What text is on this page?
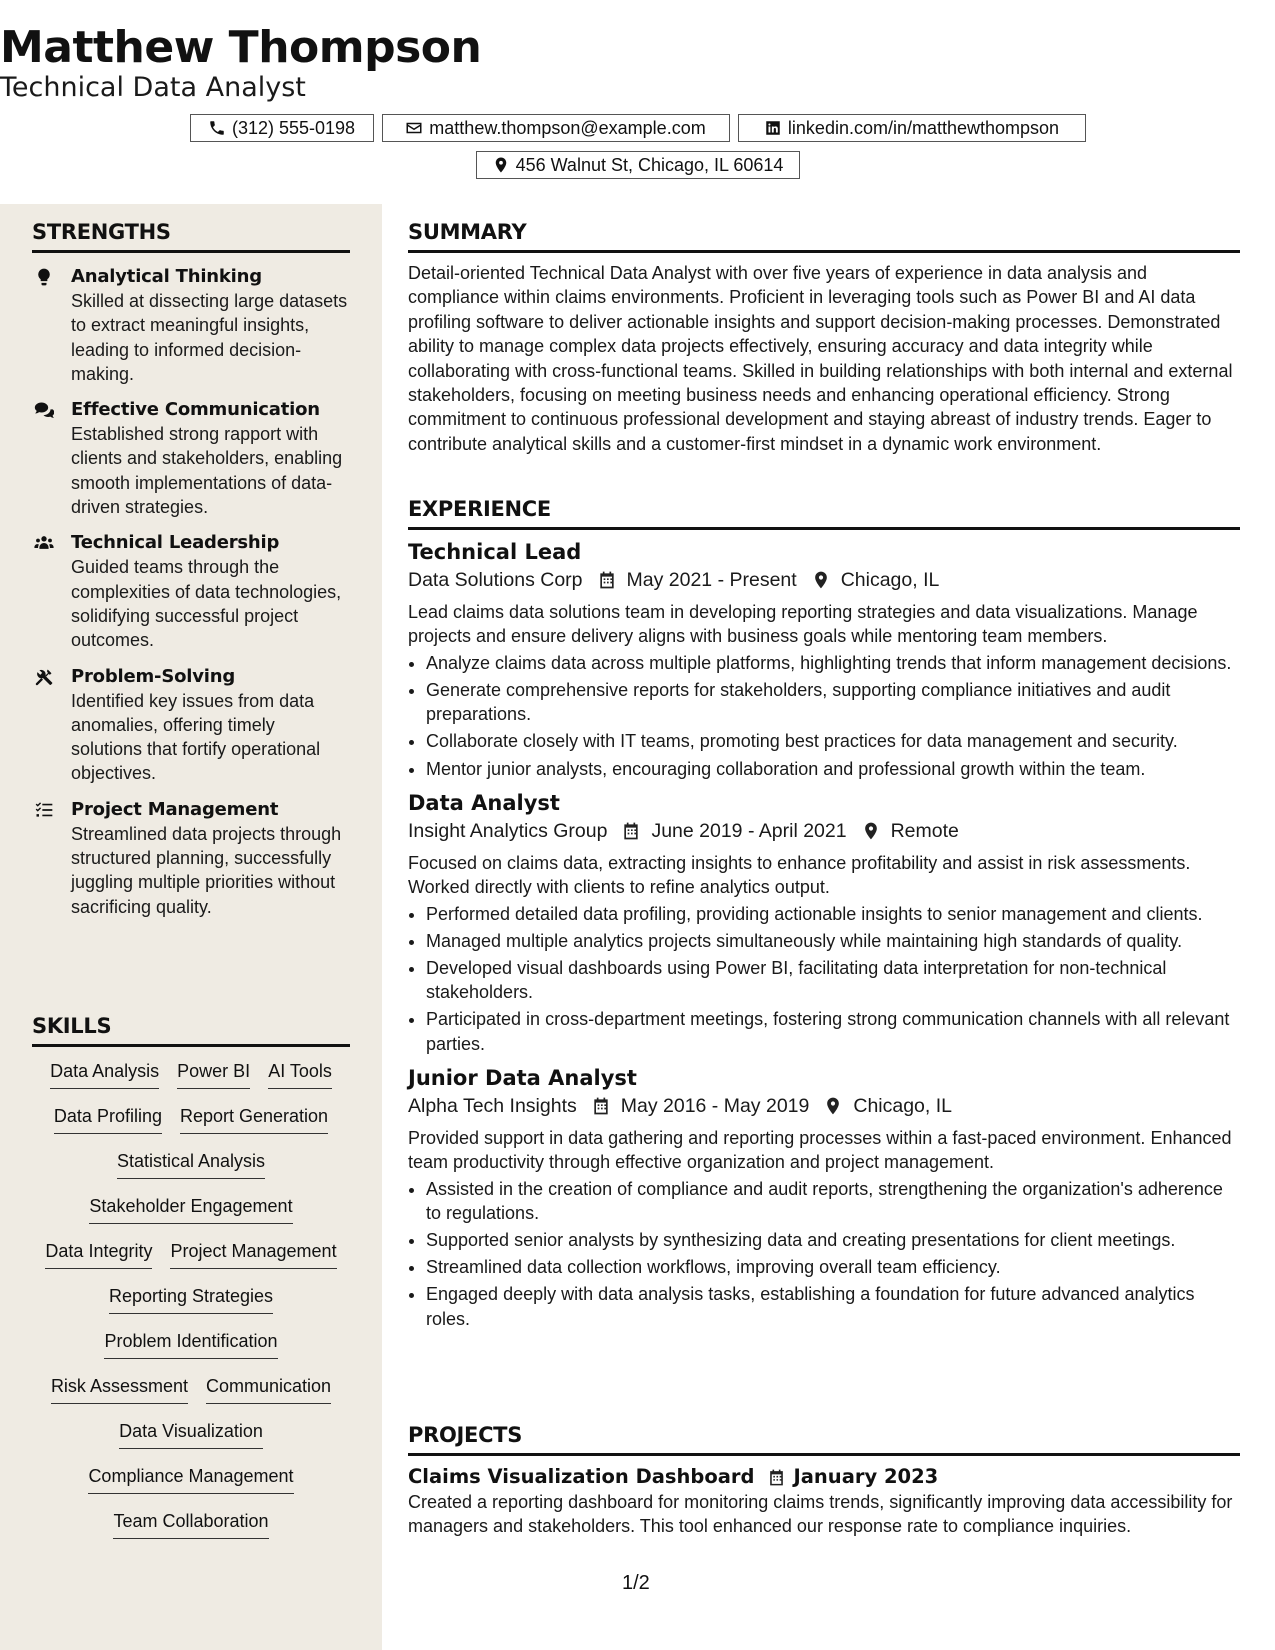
Matthew Thompson
Technical Data Analyst
(312) 555-0198	matthew.thompson@example.com	linkedin.com/in/matthewthompson
456 Walnut St, Chicago, IL 60614
STRENGTHS
Analytical Thinking
Skilled at dissecting large datasets to extract meaningful insights, leading to informed decision-making.
Effective Communication
Established strong rapport with clients and stakeholders, enabling smooth implementations of data-driven strategies.
Technical Leadership
Guided teams through the complexities of data technologies, solidifying successful project outcomes.
Problem-Solving
Identified key issues from data anomalies, offering timely solutions that fortify operational objectives.
Project Management
Streamlined data projects through structured planning, successfully juggling multiple priorities without sacrificing quality.
SKILLS
Data Analysis Power BI AI Tools
Data Profiling Report Generation
Statistical Analysis
Stakeholder Engagement
Data Integrity Project Management
Reporting Strategies
Problem Identification
Risk Assessment Communication
Data Visualization
Compliance Management
Team Collaboration
SUMMARY
Detail-oriented Technical Data Analyst with over five years of experience in data analysis and compliance within claims environments. Proficient in leveraging tools such as Power BI and AI data profiling software to deliver actionable insights and support decision-making processes. Demonstrated ability to manage complex data projects effectively, ensuring accuracy and data integrity while collaborating with cross-functional teams. Skilled in building relationships with both internal and external stakeholders, focusing on meeting business needs and enhancing operational efficiency. Strong commitment to continuous professional development and staying abreast of industry trends. Eager to contribute analytical skills and a customer-first mindset in a dynamic work environment.
EXPERIENCE
Technical Lead
Data Solutions Corp May 2021 - Present Chicago, IL
Lead claims data solutions team in developing reporting strategies and data visualizations. Manage projects and ensure delivery aligns with business goals while mentoring team members.
• Analyze claims data across multiple platforms, highlighting trends that inform management decisions.
• Generate comprehensive reports for stakeholders, supporting compliance initiatives and audit preparations.
• Collaborate closely with IT teams, promoting best practices for data management and security.
• Mentor junior analysts, encouraging collaboration and professional growth within the team.
Data Analyst
Insight Analytics Group June 2019 - April 2021 Remote
Focused on claims data, extracting insights to enhance profitability and assist in risk assessments. Worked directly with clients to refine analytics output.
• Performed detailed data profiling, providing actionable insights to senior management and clients.
• Managed multiple analytics projects simultaneously while maintaining high standards of quality.
• Developed visual dashboards using Power BI, facilitating data interpretation for non-technical stakeholders.
• Participated in cross-department meetings, fostering strong communication channels with all relevant parties.
Junior Data Analyst
Alpha Tech Insights May 2016 - May 2019 Chicago, IL
Provided support in data gathering and reporting processes within a fast-paced environment. Enhanced team productivity through effective organization and project management.
• Assisted in the creation of compliance and audit reports, strengthening the organization's adherence to regulations.
• Supported senior analysts by synthesizing data and creating presentations for client meetings.
• Streamlined data collection workflows, improving overall team efficiency.
• Engaged deeply with data analysis tasks, establishing a foundation for future advanced analytics roles.
PROJECTS
Claims Visualization Dashboard January 2023
Created a reporting dashboard for monitoring claims trends, significantly improving data accessibility for managers and stakeholders. This tool enhanced our response rate to compliance inquiries.
1/2
